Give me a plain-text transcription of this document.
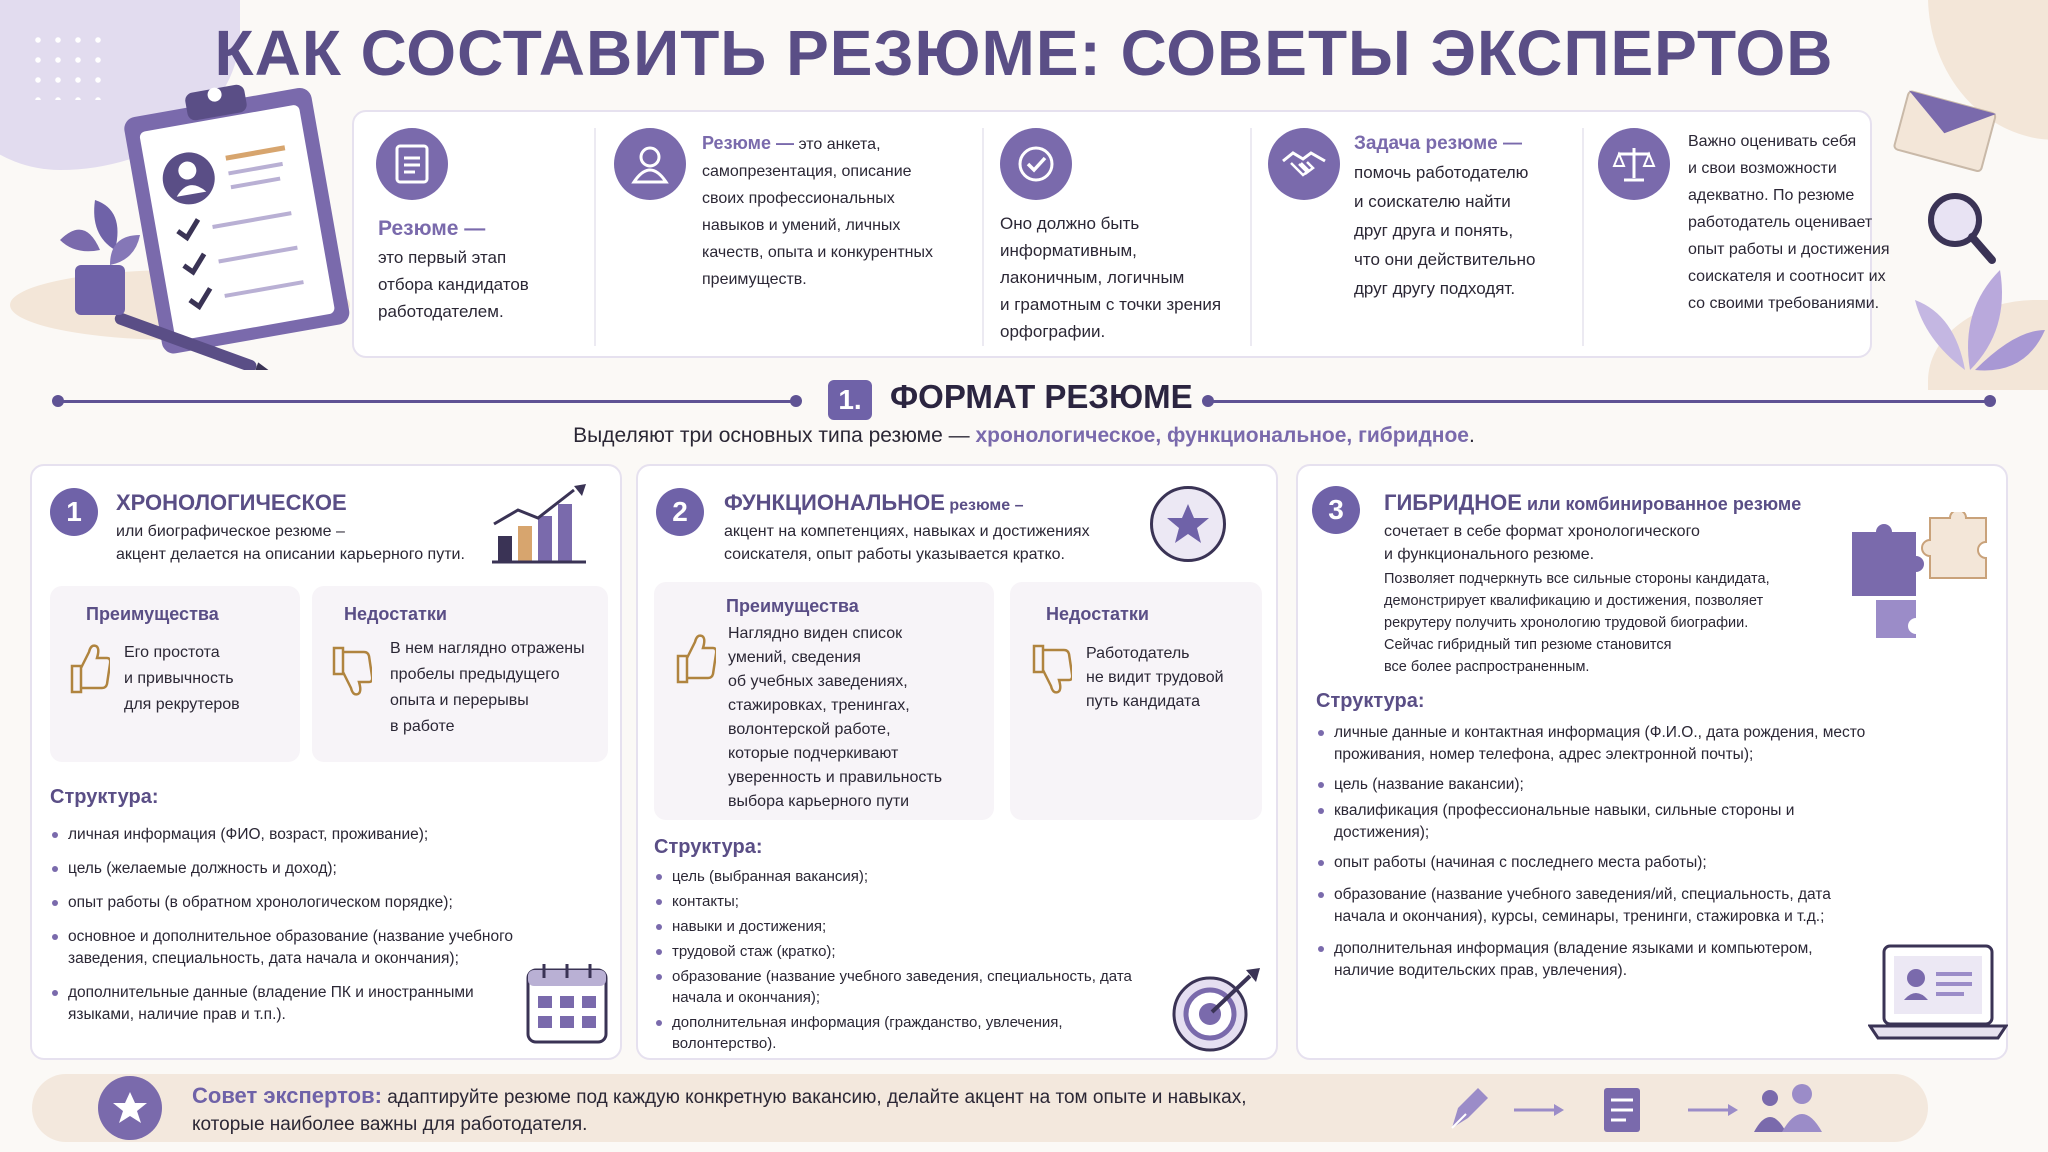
КАК СОСТАВИТЬ РЕЗЮМЕ: СОВЕТЫ ЭКСПЕРТОВ
Резюме —
это первый этап
отбора кандидатов
работодателем.
Резюме — это анкета,
самопрезентация, описание
своих профессиональных
навыков и умений, личных
качеств, опыта и конкурентных
преимуществ.
Оно должно быть
информативным,
лаконичным, логичным
и грамотным с точки зрения
орфографии.
Задача резюме —
помочь работодателю
и соискателю найти
друг друга и понять,
что они действительно
друг другу подходят.
Важно оценивать себя
и свои возможности
адекватно. По резюме
работодатель оценивает
опыт работы и достижения
соискателя и соотносит их
со своими требованиями.
1. ФОРМАТ РЕЗЮМЕ
Выделяют три основных типа резюме — хронологическое, функциональное, гибридное.
1	ХРОНОЛОГИЧЕСКОЕ
или биографическое резюме –
акцент делается на описании карьерного пути.
Преимущества
Его простота
и привычность
для рекрутеров
Недостатки
В нем наглядно отражены
пробелы предыдущего
опыта и перерывы
в работе
Структура:
личная информация (ФИО, возраст, проживание);
цель (желаемые должность и доход);
опыт работы (в обратном хронологическом порядке);
основное и дополнительное образование (название учебного заведения, специальность, дата начала и окончания);
дополнительные данные (владение ПК и иностранными языками, наличие прав и т.п.).
2	ФУНКЦИОНАЛЬНОЕ резюме –
акцент на компетенциях, навыках и достижениях
соискателя, опыт работы указывается кратко.
Преимущества
Наглядно виден список
умений, сведения
об учебных заведениях,
стажировках, тренингах,
волонтерской работе,
которые подчеркивают
уверенность и правильность
выбора карьерного пути
Недостатки
Работодатель
не видит трудовой
путь кандидата
Структура:
цель (выбранная вакансия);
контакты;
навыки и достижения;
трудовой стаж (кратко);
образование (название учебного заведения, специальность, дата начала и окончания);
дополнительная информация (гражданство, увлечения, волонтерство).
3	ГИБРИДНОЕ или комбинированное резюме
сочетает в себе формат хронологического
и функционального резюме.
Позволяет подчеркнуть все сильные стороны кандидата,
демонстрирует квалификацию и достижения, позволяет
рекрутеру получить хронологию трудовой биографии.
Сейчас гибридный тип резюме становится
все более распространенным.
Структура:
личные данные и контактная информация (Ф.И.О., дата рождения, место проживания, номер телефона, адрес электронной почты);
цель (название вакансии);
квалификация (профессиональные навыки, сильные стороны и достижения);
опыт работы (начиная с последнего места работы);
образование (название учебного заведения/ий, специальность, дата начала и окончания), курсы, семинары, тренинги, стажировка и т.д.;
дополнительная информация (владение языками и компьютером, наличие водительских прав, увлечения).
Совет экспертов: адаптируйте резюме под каждую конкретную вакансию, делайте акцент на том опыте и навыках,
которые наиболее важны для работодателя.
